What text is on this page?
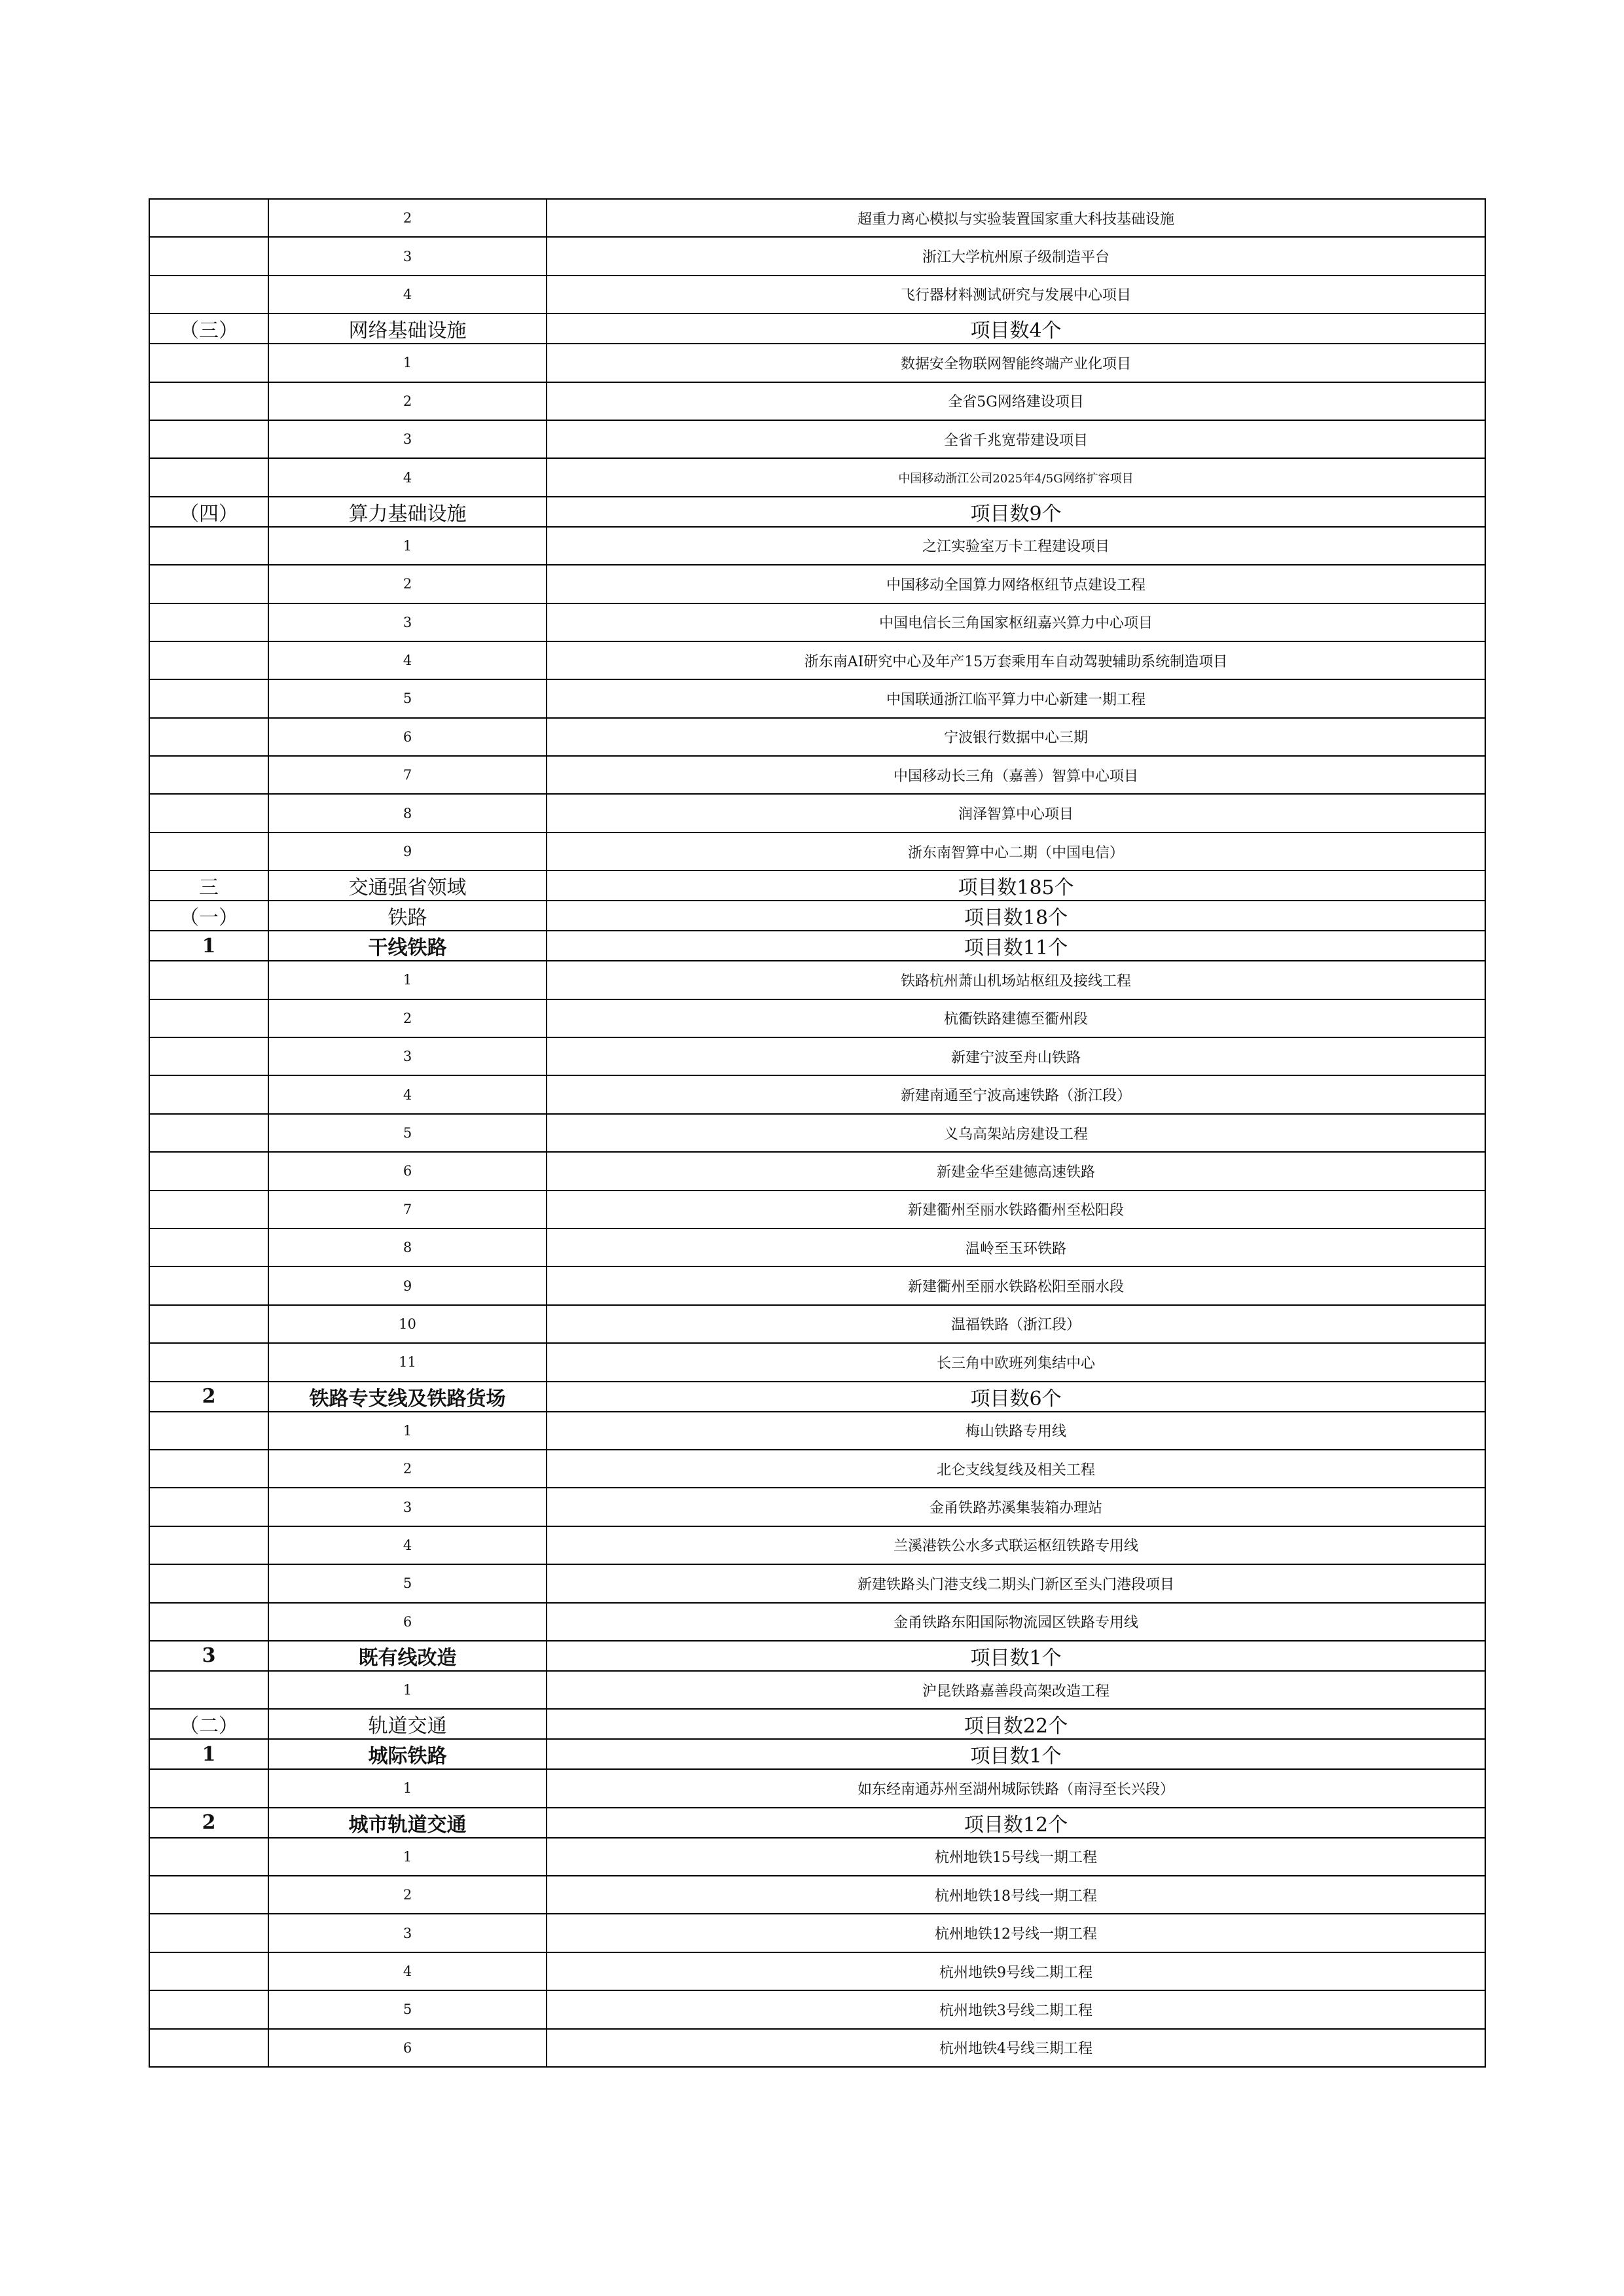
	2	超重力离心模拟与实验装置国家重大科技基础设施
	3	浙江大学杭州原子级制造平台
	4	飞行器材料测试研究与发展中心项目
（三）	网络基础设施	项目数4个
	1	数据安全物联网智能终端产业化项目
	2	全省5G网络建设项目
	3	全省千兆宽带建设项目
	4	中国移动浙江公司2025年4/5G网络扩容项目
（四）	算力基础设施	项目数9个
	1	之江实验室万卡工程建设项目
	2	中国移动全国算力网络枢纽节点建设工程
	3	中国电信长三角国家枢纽嘉兴算力中心项目
	4	浙东南AI研究中心及年产15万套乘用车自动驾驶辅助系统制造项目
	5	中国联通浙江临平算力中心新建一期工程
	6	宁波银行数据中心三期
	7	中国移动长三角（嘉善）智算中心项目
	8	润泽智算中心项目
	9	浙东南智算中心二期（中国电信）
三	交通强省领域	项目数185个
（一）	铁路	项目数18个
1	干线铁路	项目数11个
	1	铁路杭州萧山机场站枢纽及接线工程
	2	杭衢铁路建德至衢州段
	3	新建宁波至舟山铁路
	4	新建南通至宁波高速铁路（浙江段）
	5	义乌高架站房建设工程
	6	新建金华至建德高速铁路
	7	新建衢州至丽水铁路衢州至松阳段
	8	温岭至玉环铁路
	9	新建衢州至丽水铁路松阳至丽水段
	10	温福铁路（浙江段）
	11	长三角中欧班列集结中心
2	铁路专支线及铁路货场	项目数6个
	1	梅山铁路专用线
	2	北仑支线复线及相关工程
	3	金甬铁路苏溪集装箱办理站
	4	兰溪港铁公水多式联运枢纽铁路专用线
	5	新建铁路头门港支线二期头门新区至头门港段项目
	6	金甬铁路东阳国际物流园区铁路专用线
3	既有线改造	项目数1个
	1	沪昆铁路嘉善段高架改造工程
（二）	轨道交通	项目数22个
1	城际铁路	项目数1个
	1	如东经南通苏州至湖州城际铁路（南浔至长兴段）
2	城市轨道交通	项目数12个
	1	杭州地铁15号线一期工程
	2	杭州地铁18号线一期工程
	3	杭州地铁12号线一期工程
	4	杭州地铁9号线二期工程
	5	杭州地铁3号线二期工程
	6	杭州地铁4号线三期工程
